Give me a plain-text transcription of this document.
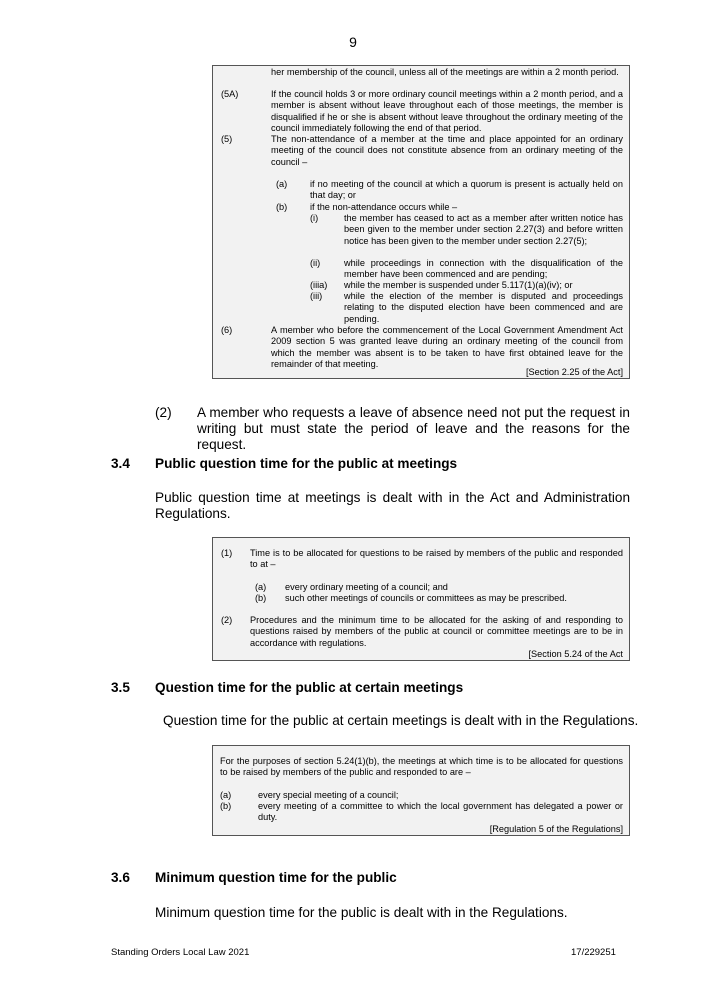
9
her membership of the council, unless all of the meetings are within a 2 month period.
(5A)	If the council holds 3 or more ordinary council meetings within a 2 month period, and a member is absent without leave throughout each of those meetings, the member is disqualified if he or she is absent without leave throughout the ordinary meeting of the council immediately following the end of that period.
(5)	The non-attendance of a member at the time and place appointed for an ordinary meeting of the council does not constitute absence from an ordinary meeting of the council –
(a) if no meeting of the council at which a quorum is present is actually held on that day; or
(b) if the non-attendance occurs while –
(i)	the member has ceased to act as a member after written notice has been given to the member under section 2.27(3) and before written notice has been given to the member under section 2.27(5);
(ii)	while proceedings in connection with the disqualification of the member have been commenced and are pending;
(iiia) while the member is suspended under 5.117(1)(a)(iv); or
(iii) while the election of the member is disputed and proceedings relating to the disputed election have been commenced and are pending.
(6)	A member who before the commencement of the Local Government Amendment Act 2009 section 5 was granted leave during an ordinary meeting of the council from which the member was absent is to be taken to have first obtained leave for the remainder of that meeting.
[Section 2.25 of the Act]
(2) A member who requests a leave of absence need not put the request in writing but must state the period of leave and the reasons for the request.
3.4 Public question time for the public at meetings
Public question time at meetings is dealt with in the Act and Administration Regulations.
(1) Time is to be allocated for questions to be raised by members of the public and responded to at –
(a) every ordinary meeting of a council; and
(b) such other meetings of councils or committees as may be prescribed.
(2) Procedures and the minimum time to be allocated for the asking of and responding to questions raised by members of the public at council or committee meetings are to be in accordance with regulations.
[Section 5.24 of the Act
3.5 Question time for the public at certain meetings
Question time for the public at certain meetings is dealt with in the Regulations.
For the purposes of section 5.24(1)(b), the meetings at which time is to be allocated for questions to be raised by members of the public and responded to are –
(a)	every special meeting of a council;
(b)	every meeting of a committee to which the local government has delegated a power or duty.
[Regulation 5 of the Regulations]
3.6 Minimum question time for the public
Minimum question time for the public is dealt with in the Regulations.
Standing Orders Local Law 2021	17/229251
